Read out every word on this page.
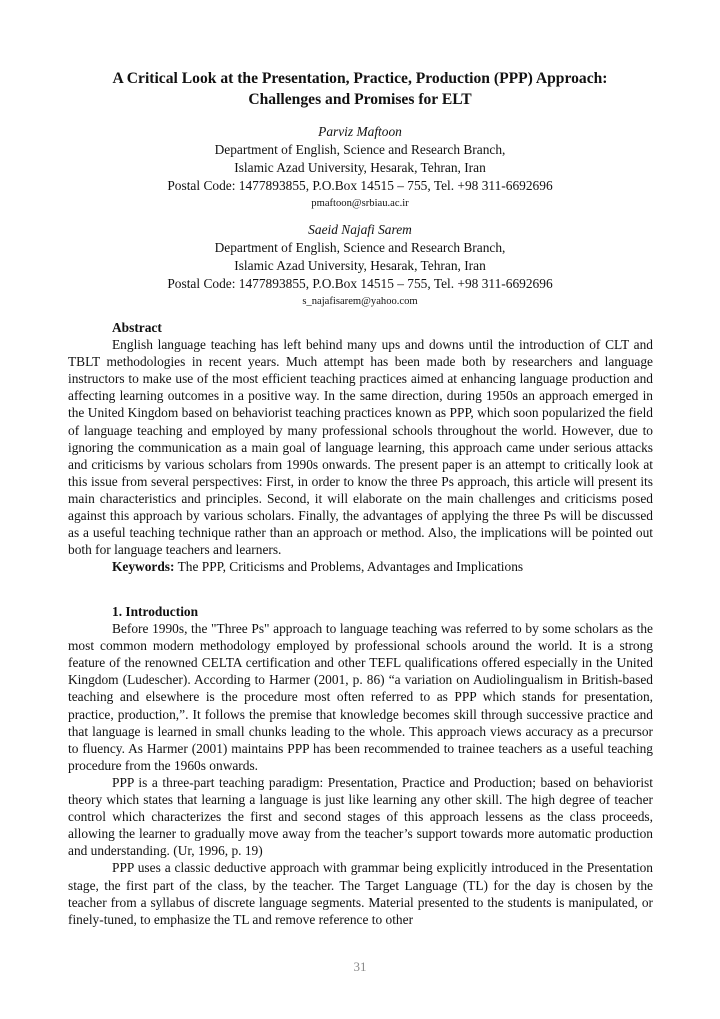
A Critical Look at the Presentation, Practice, Production (PPP) Approach:
Challenges and Promises for ELT
Parviz Maftoon
Department of English, Science and Research Branch,
Islamic Azad University, Hesarak, Tehran, Iran
Postal Code: 1477893855, P.O.Box 14515 – 755, Tel. +98 311-6692696
pmaftoon@srbiau.ac.ir
Saeid Najafi Sarem
Department of English, Science and Research Branch,
Islamic Azad University, Hesarak, Tehran, Iran
Postal Code: 1477893855, P.O.Box 14515 – 755, Tel. +98 311-6692696
s_najafisarem@yahoo.com

Abstract

English language teaching has left behind many ups and downs until the introduction of CLT and TBLT methodologies in recent years. Much attempt has been made both by researchers and language instructors to make use of the most efficient teaching practices aimed at enhancing language production and affecting learning outcomes in a positive way. In the same direction, during 1950s an approach emerged in the United Kingdom based on behaviorist teaching practices known as PPP, which soon popularized the field of language teaching and employed by many professional schools throughout the world. However, due to ignoring the communication as a main goal of language learning, this approach came under serious attacks and criticisms by various scholars from 1990s onwards. The present paper is an attempt to critically look at this issue from several perspectives: First, in order to know the three Ps approach, this article will present its main characteristics and principles. Second, it will elaborate on the main challenges and criticisms posed against this approach by various scholars. Finally, the advantages of applying the three Ps will be discussed as a useful teaching technique rather than an approach or method. Also, the implications will be pointed out both for language teachers and learners.

Keywords: The PPP, Criticisms and Problems, Advantages and Implications

1. Introduction

Before 1990s, the "Three Ps" approach to language teaching was referred to by some scholars as the most common modern methodology employed by professional schools around the world. It is a strong feature of the renowned CELTA certification and other TEFL qualifications offered especially in the United Kingdom (Ludescher). According to Harmer (2001, p. 86) “a variation on Audiolingualism in British-based teaching and elsewhere is the procedure most often referred to as PPP which stands for presentation, practice, production,”. It follows the premise that knowledge becomes skill through successive practice and that language is learned in small chunks leading to the whole. This approach views accuracy as a precursor to fluency. As Harmer (2001) maintains PPP has been recommended to trainee teachers as a useful teaching procedure from the 1960s onwards.

PPP is a three-part teaching paradigm: Presentation, Practice and Production; based on behaviorist theory which states that learning a language is just like learning any other skill. The high degree of teacher control which characterizes the first and second stages of this approach lessens as the class proceeds, allowing the learner to gradually move away from the teacher’s support towards more automatic production and understanding. (Ur, 1996, p. 19)

PPP uses a classic deductive approach with grammar being explicitly introduced in the Presentation stage, the first part of the class, by the teacher. The Target Language (TL) for the day is chosen by the teacher from a syllabus of discrete language segments. Material presented to the students is manipulated, or finely-tuned, to emphasize the TL and remove reference to other

31
